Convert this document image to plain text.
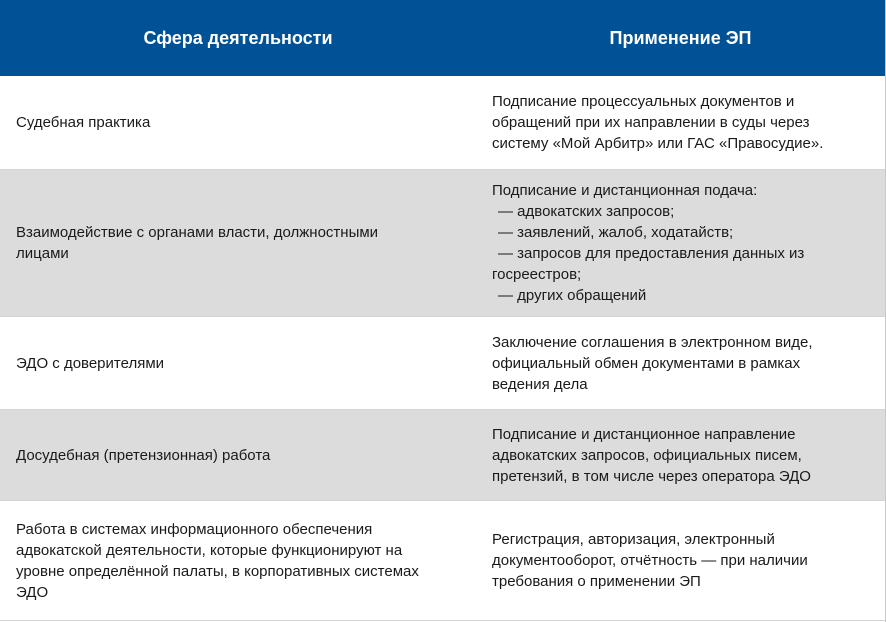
Сфера деятельности	Применение ЭП
Судебная практика
Подписание процессуальных документов и
обращений при их направлении в суды через
систему «Мой Арбитр» или ГАС «Правосудие».
Взаимодействие с органами власти, должностными
лицами
Подписание и дистанционная подача:
— адвокатских запросов;
— заявлений, жалоб, ходатайств;
— запросов для предоставления данных из
госреестров;
— других обращений
ЭДО с доверителями
Заключение соглашения в электронном виде,
официальный обмен документами в рамках
ведения дела
Досудебная (претензионная) работа
Подписание и дистанционное направление
адвокатских запросов, официальных писем,
претензий, в том числе через оператора ЭДО
Работа в системах информационного обеспечения
адвокатской деятельности, которые функционируют на
уровне определённой палаты, в корпоративных системах
ЭДО
Регистрация, авторизация, электронный
документооборот, отчётность — при наличии
требования о применении ЭП
